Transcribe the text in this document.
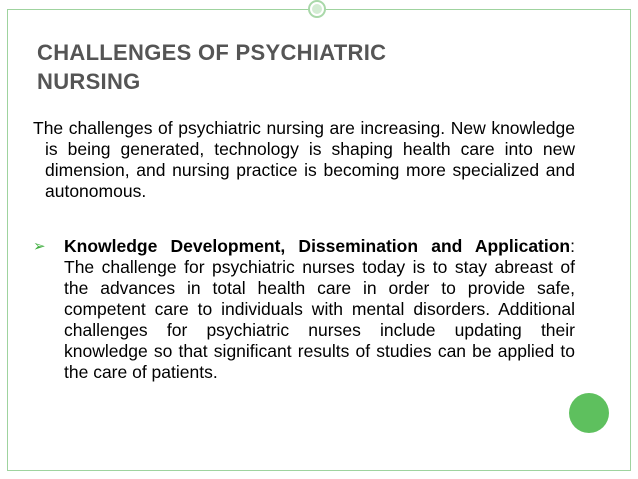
CHALLENGES OF PSYCHIATRIC
NURSING
The challenges of psychiatric nursing are increasing. New knowledge is being generated, technology is shaping health care into new dimension, and nursing practice is becoming more specialized and autonomous.
➢ Knowledge Development, Dissemination and Application: The challenge for psychiatric nurses today is to stay abreast of the advances in total health care in order to provide safe, competent care to individuals with mental disorders. Additional challenges for psychiatric nurses include updating their knowledge so that significant results of studies can be applied to the care of patients.
